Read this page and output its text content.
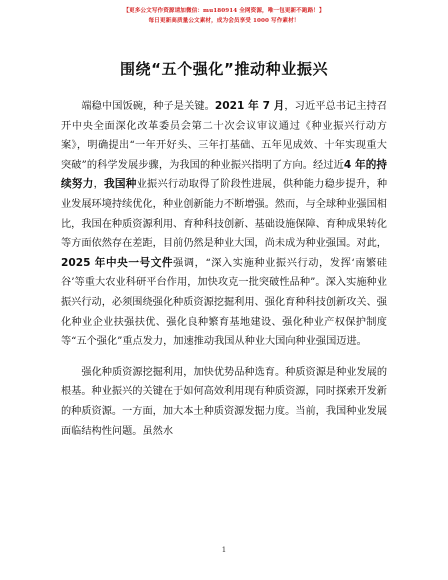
【更多公文写作资源请加微信：mu180914 全网资源，唯一包更新不跑路！】
每日更新高质量公文素材，成为会员享受 1000 写作素材！
围绕“五个强化”推动种业振兴

端稳中国饭碗，种子是关键。2021 年 7 月，习近平总书记主持召开中央全面深化改革委员会第二十次会议审议通过《种业振兴行动方案》，明确提出“一年开好头、三年打基础、五年见成效、十年实现重大突破”的科学发展步骤，为我国的种业振兴指明了方向。经过近4 年的持续努力，我国种业振兴行动取得了阶段性进展，供种能力稳步提升，种业发展环境持续优化，种业创新能力不断增强。然而，与全球种业强国相比，我国在种质资源利用、育种科技创新、基础设施保障、育种成果转化等方面依然存在差距，目前仍然是种业大国，尚未成为种业强国。对此，2025 年中央一号文件强调，“深入实施种业振兴行动，发挥‘南繁硅谷’等重大农业科研平台作用，加快攻克一批突破性品种”。深入实施种业振兴行动，必须围绕强化种质资源挖掘利用、强化育种科技创新攻关、强化种业企业扶强扶优、强化良种繁育基地建设、强化种业产权保护制度等“五个强化”重点发力，加速推动我国从种业大国向种业强国迈进。

强化种质资源挖掘利用，加快优势品种选育。种质资源是种业发展的根基。种业振兴的关键在于如何高效利用现有种质资源，同时探索开发新的种质资源。一方面，加大本土种质资源发掘力度。当前，我国种业发展面临结构性问题。虽然水

1
